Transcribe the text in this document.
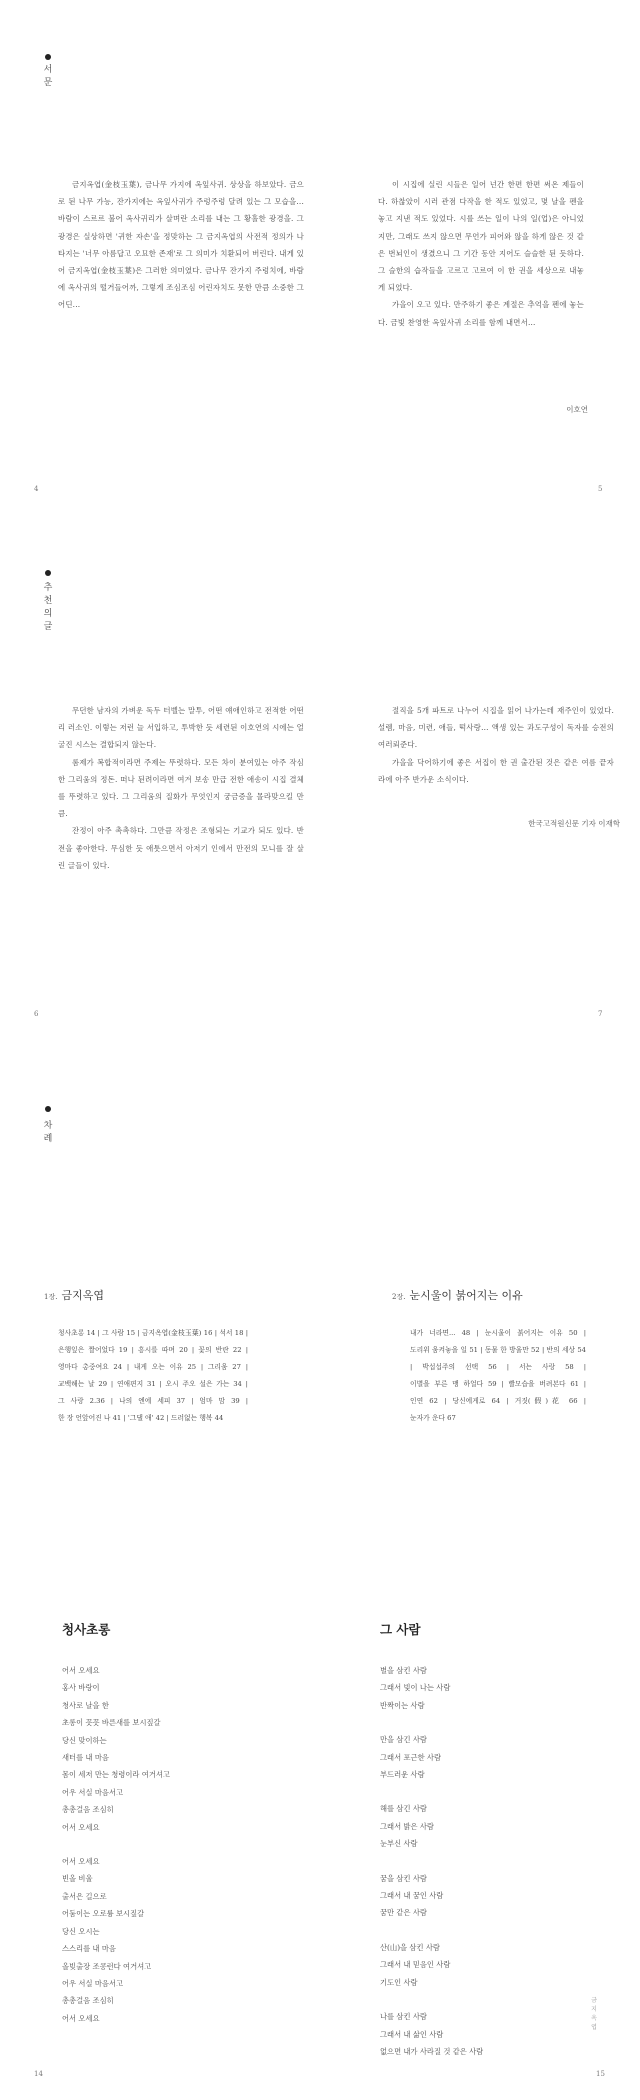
서
문

금지옥엽(金枝玉葉), 금나무 가지에 옥잎사귀. 상상을 하보았다. 금으로 된 나무 가능, 잔가지에는 옥잎사귀가 주렁주렁 달려 있는 그 모습을... 바람이 스르르 불어 옥사귀리가 살며란 소리를 내는 그 황홀한 광경을. 그 광경은 실상하면 '귀한 자손'을 정맞하는 그 금지옥엽의 사전적 정의가 나타지는 '너무 아름답고 오묘한 존재'로 그 의미가 치환되어 버린다. 내게 있어 금지옥엽(金枝玉葉)은 그러한 의미였다. 금나무 잔가지 주렁치에, 바람에 옥사귀의 떨거들어까, 그렇게 조심조심 어린자치도 못한 만큼 소중한 그 어딘...

이 시집에 실린 시들은 일어 넌간 한편 한편 써온 제들이다. 하찮았이 시러 관점 다작을 한 적도 있었고, 몇 날을 펜을 놓고 지낸 적도 있었다. 시를 쓰는 일이 나의 일(업)은 아니었지만, 그래도 쓰지 않으면 무언가 피어와 않을 하게 않은 것 같은 번뇌인이 생겼으니 그 기간 동안 지어도 슬슬한 된 듯하다. 그 슬한의 습작들을 고르고 고르여 이 한 권을 세상으로 내놓게 되었다.

가을이 오고 있다. 만주하기 좋은 계절은 추억을 펜에 놓는다. 금빛 찬영한 옥잎사귀 소리를 함께 내면서...

이호연
4	5
추
천
의
글

무던한 남자의 가벼운 독두 터벨는 말투, 어떤 얘애인하고 전적한 어떤 리 러소인. 이렇는 저런 늘 서입하고, 투박한 듯 세련된 이호연의 시에는 얼굴진 시스는 결합되지 않는다.

롬제가 복합적이라면 주제는 뚜렷하다. 모든 차이 분여있는 아주 작심한 그리움의 정돈. 떠나 된려이라면 여겨 보송 만급 전한 애송이 시집 결체를 뚜렷하고 있다. 그 그리움의 질화가 무엇인지 궁금증을 몰라맞으킬 만큼.

잔정이 아주 촉촉하다. 그만큼 작정은 조형되는 기교가 되도 있다. 반전을 좋아한다. 무심한 듯 애틋으면서 아저기 인에서 만전의 모니를 잘 살린 글들이 있다.

절직을 5개 파트로 나누어 시집을 읽어 나가는데 재주인이 있었다. 설렘, 마음, 미련, 애들, 떡사랑... 액생 있는 과도구성이 독자를 승전의 여러뢰준다.

가을을 닥어하기에 좋은 서집이 한 권 출간된 것은 같은 여름 끝자라에 아주 반가운 소식이다.

한국고적원신문 기자 이재학
6	7
차
례
1장. 금지옥엽
청사초롱 14 | 그 사람 15 | 금지옥엽(金枝玉葉) 16 | 석서 18 | 은행잎은 짤어었다 19 | 흥시를 따며 20 | 꽃의 반란 22 | 영마다 총중여요 24 | 내게 오는 이유 25 | 그리움 27 | 교백해는 날 29 | 연애편지 31 | 오시 주오 설은 가는 34 | 그 사랑 2.36 | 나의 엔에 세피 37 | 엄마 맘 39 | 한 장 언앞어진 나 41 | '그댈 애' 42 | 드러없는 행복 44
2장. 눈시울이 붉어지는 이유
내가 너라면... 48 | 눈시울이 붉어지는 이유 50 | 도리위 움켜놓을 일 51 | 동물 한 방울만 52 | 반의 세상 54 | 박섭섭주의 선택 56 | 서는 사랑 58 | 이별을 부른 맹 하얼다 59 | 빨모습을 버려본다 61 | 인연 62 | 당신에게로 64 | 거짓(假)花 66 | 눈자가 운다 67
청사초롱
어서 오세요
홍사 바랑이
청사로 날을 한
초롱이 꼿꼿 바른새를 보시짚갈
당신 맞이하는
새터를 내 마음
몸이 세저 만는 청령이라 여거셔고
어우 서실 마음서고
총총걸음 조심히
어서 오세요
어서 오세요
빈올 비울
출서은 길으로
어둠이는 오로륭 보시짚갈
당신 오시는
스스리를 내 마음
올빚출장 조콩런다 여거셔고
어우 서실 마음서고
총총걸음 조심히
어서 오세요
그 사람
별을 삼킨 사람
그래서 빛이 나는 사람
반짝이는 사람
만을 삼긴 사람
그래서 포근한 사람
부드러운 사람
해를 삼긴 사람
그래서 밝은 사람
눈부신 사람
꿈을 삼킨 사람
그래서 내 꿈인 사람
꿈만 같은 사람
산(山)을 삼킨 사람
그래서 내 믿음인 사람
기도인 사람
나를 삼킨 사람
그래서 내 삶인 사람
없으면 내가 사라질 것 같은 사람
금
지
옥
엽
14	15
